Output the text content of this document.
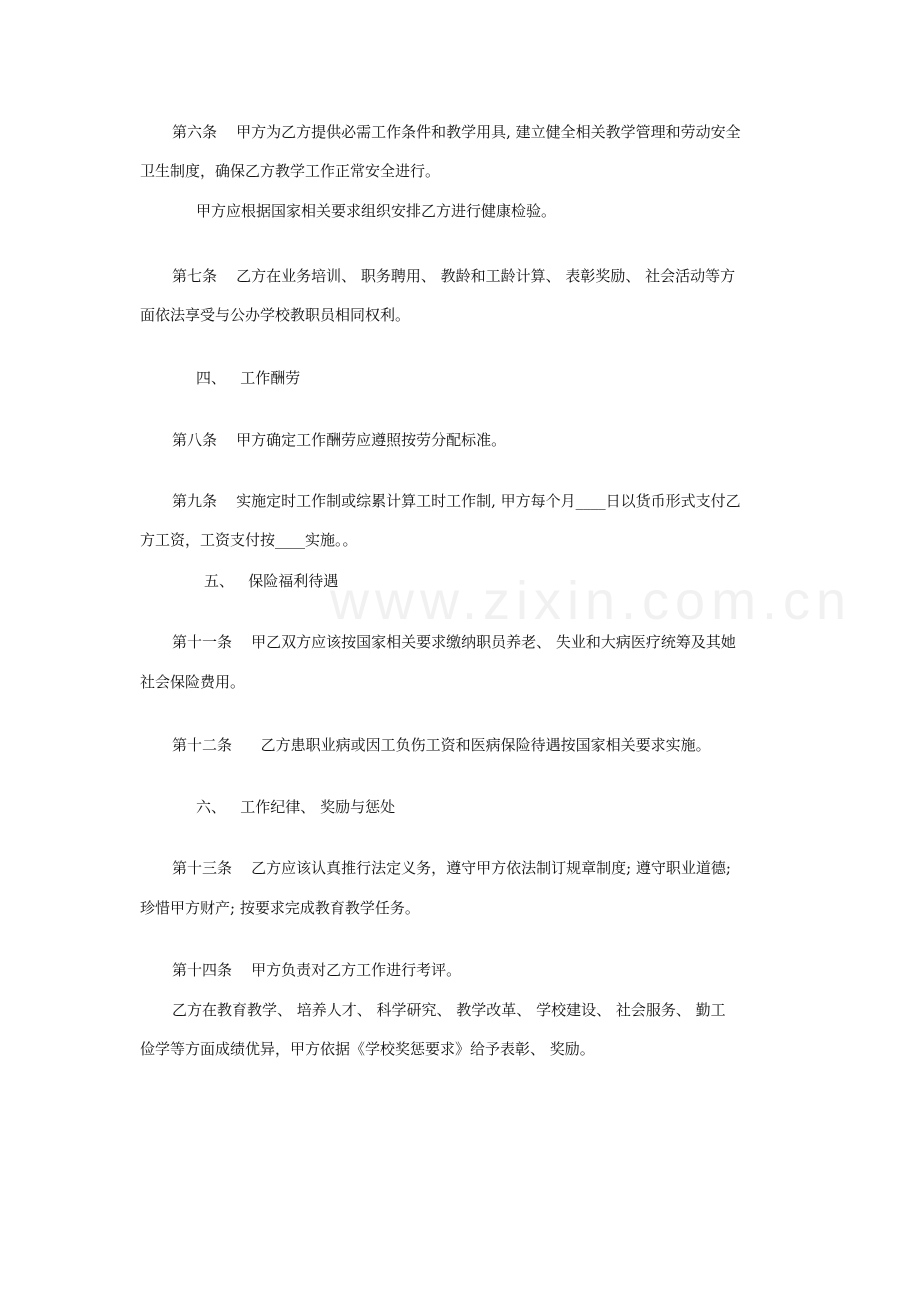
www.zixin.com.cn

第六条    甲方为乙方提供必需工作条件和教学用具, 建立健全相关教学管理和劳动安全

卫生制度，确保乙方教学工作正常安全进行。

甲方应根据国家相关要求组织安排乙方进行健康检验。

第七条    乙方在业务培训、 职务聘用、 教龄和工龄计算、 表彰奖励、 社会活动等方

面依法享受与公办学校教职员相同权利。

四、   工作酬劳

第八条    甲方确定工作酬劳应遵照按劳分配标准。

第九条    实施定时工作制或综累计算工时工作制, 甲方每个月____日以货币形式支付乙

方工资，工资支付按____实施。。

五、   保险福利待遇

第十一条    甲乙双方应该按国家相关要求缴纳职员养老、 失业和大病医疗统筹及其她

社会保险费用。

第十二条      乙方患职业病或因工负伤工资和医病保险待遇按国家相关要求实施。

六、   工作纪律、 奖励与惩处

第十三条    乙方应该认真推行法定义务，遵守甲方依法制订规章制度; 遵守职业道德;

珍惜甲方财产; 按要求完成教育教学任务。

第十四条    甲方负责对乙方工作进行考评。

乙方在教育教学、 培养人才、 科学研究、 教学改革、 学校建设、 社会服务、 勤工

俭学等方面成绩优异，甲方依据《学校奖惩要求》给予表彰、 奖励。
